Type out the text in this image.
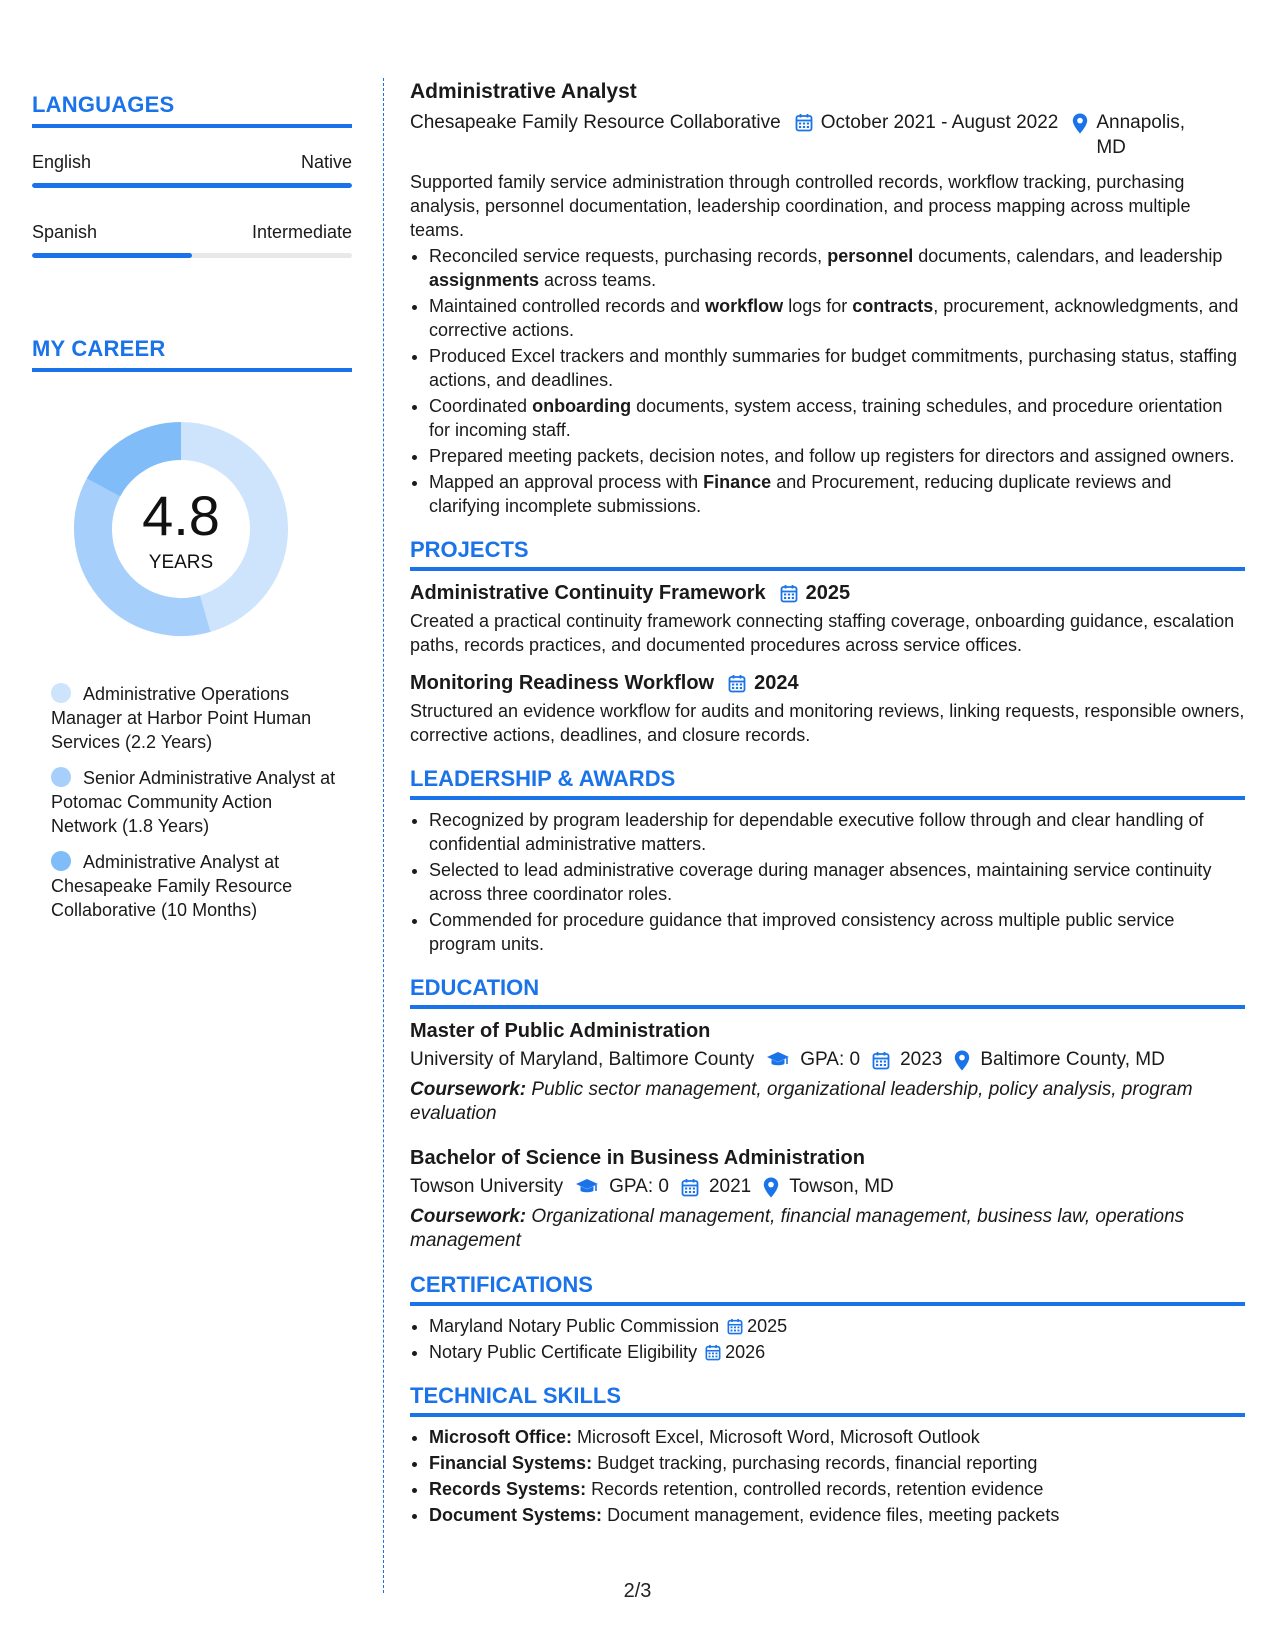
LANGUAGES
English	Native
Spanish	Intermediate
MY CAREER
4.8
YEARS
Administrative Operations Manager at Harbor Point Human Services (2.2 Years)
Senior Administrative Analyst at Potomac Community Action Network (1.8 Years)
Administrative Analyst at Chesapeake Family Resource Collaborative (10 Months)
Administrative Analyst
Chesapeake Family Resource Collaborative October 2021 - August 2022 Annapolis, MD
Supported family service administration through controlled records, workflow tracking, purchasing analysis, personnel documentation, leadership coordination, and process mapping across multiple teams.
• Reconciled service requests, purchasing records, personnel documents, calendars, and leadership assignments across teams.
• Maintained controlled records and workflow logs for contracts, procurement, acknowledgments, and corrective actions.
• Produced Excel trackers and monthly summaries for budget commitments, purchasing status, staffing actions, and deadlines.
• Coordinated onboarding documents, system access, training schedules, and procedure orientation for incoming staff.
• Prepared meeting packets, decision notes, and follow up registers for directors and assigned owners.
• Mapped an approval process with Finance and Procurement, reducing duplicate reviews and clarifying incomplete submissions.
PROJECTS
Administrative Continuity Framework 2025
Created a practical continuity framework connecting staffing coverage, onboarding guidance, escalation paths, records practices, and documented procedures across service offices.
Monitoring Readiness Workflow 2024
Structured an evidence workflow for audits and monitoring reviews, linking requests, responsible owners, corrective actions, deadlines, and closure records.
LEADERSHIP & AWARDS
• Recognized by program leadership for dependable executive follow through and clear handling of confidential administrative matters.
• Selected to lead administrative coverage during manager absences, maintaining service continuity across three coordinator roles.
• Commended for procedure guidance that improved consistency across multiple public service program units.
EDUCATION
Master of Public Administration
University of Maryland, Baltimore County GPA: 0 2023 Baltimore County, MD
Coursework: Public sector management, organizational leadership, policy analysis, program evaluation
Bachelor of Science in Business Administration
Towson University GPA: 0 2021 Towson, MD
Coursework: Organizational management, financial management, business law, operations management
CERTIFICATIONS
• Maryland Notary Public Commission 2025
• Notary Public Certificate Eligibility 2026
TECHNICAL SKILLS
• Microsoft Office: Microsoft Excel, Microsoft Word, Microsoft Outlook
• Financial Systems: Budget tracking, purchasing records, financial reporting
• Records Systems: Records retention, controlled records, retention evidence
• Document Systems: Document management, evidence files, meeting packets
2/3
